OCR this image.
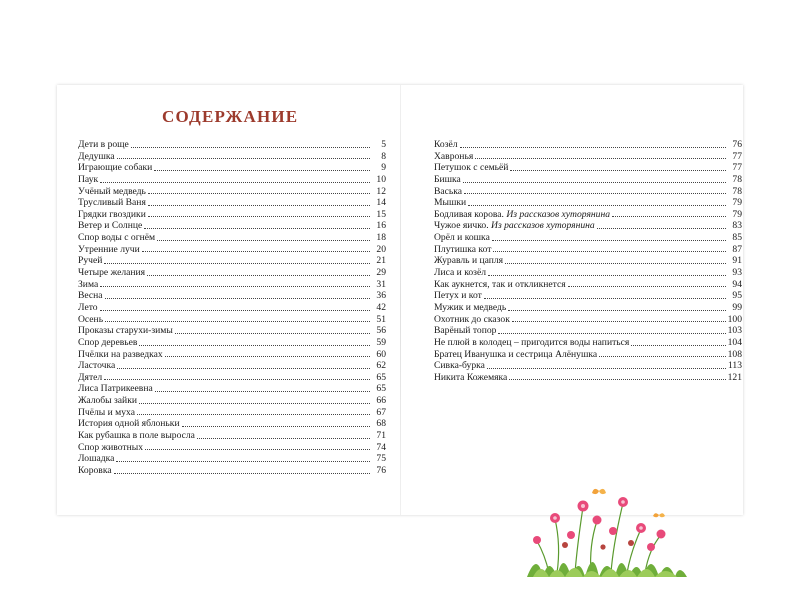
СОДЕРЖАНИЕ
Дети в роще	5
Дедушка	8
Играющие собаки	9
Паук	10
Учёный медведь	12
Трусливый Ваня	14
Грядки гвоздики	15
Ветер и Солнце	16
Спор воды с огнём	18
Утренние лучи	20
Ручей	21
Четыре желания	29
Зима	31
Весна	36
Лето	42
Осень	51
Проказы старухи-зимы	56
Спор деревьев	59
Пчёлки на разведках	60
Ласточка	62
Дятел	65
Лиса Патрикеевна	65
Жалобы зайки	66
Пчёлы и муха	67
История одной яблоньки	68
Как рубашка в поле выросла	71
Спор животных	74
Лошадка	75
Коровка	76
Козёл	76
Хавронья	77
Петушок с семьёй	77
Бишка	78
Васька	78
Мышки	79
Бодливая корова. Из рассказов хуторянина	79
Чужое яичко. Из рассказов хуторянина	83
Орёл и кошка	85
Плутишка кот	87
Журавль и цапля	91
Лиса и козёл	93
Как аукнется, так и откликнется	94
Петух и кот	95
Мужик и медведь	99
Охотник до сказок	100
Варёный топор	103
Не плюй в колодец – пригодится воды напиться	104
Братец Иванушка и сестрица Алёнушка	108
Сивка-бурка	113
Никита Кожемяка	121
